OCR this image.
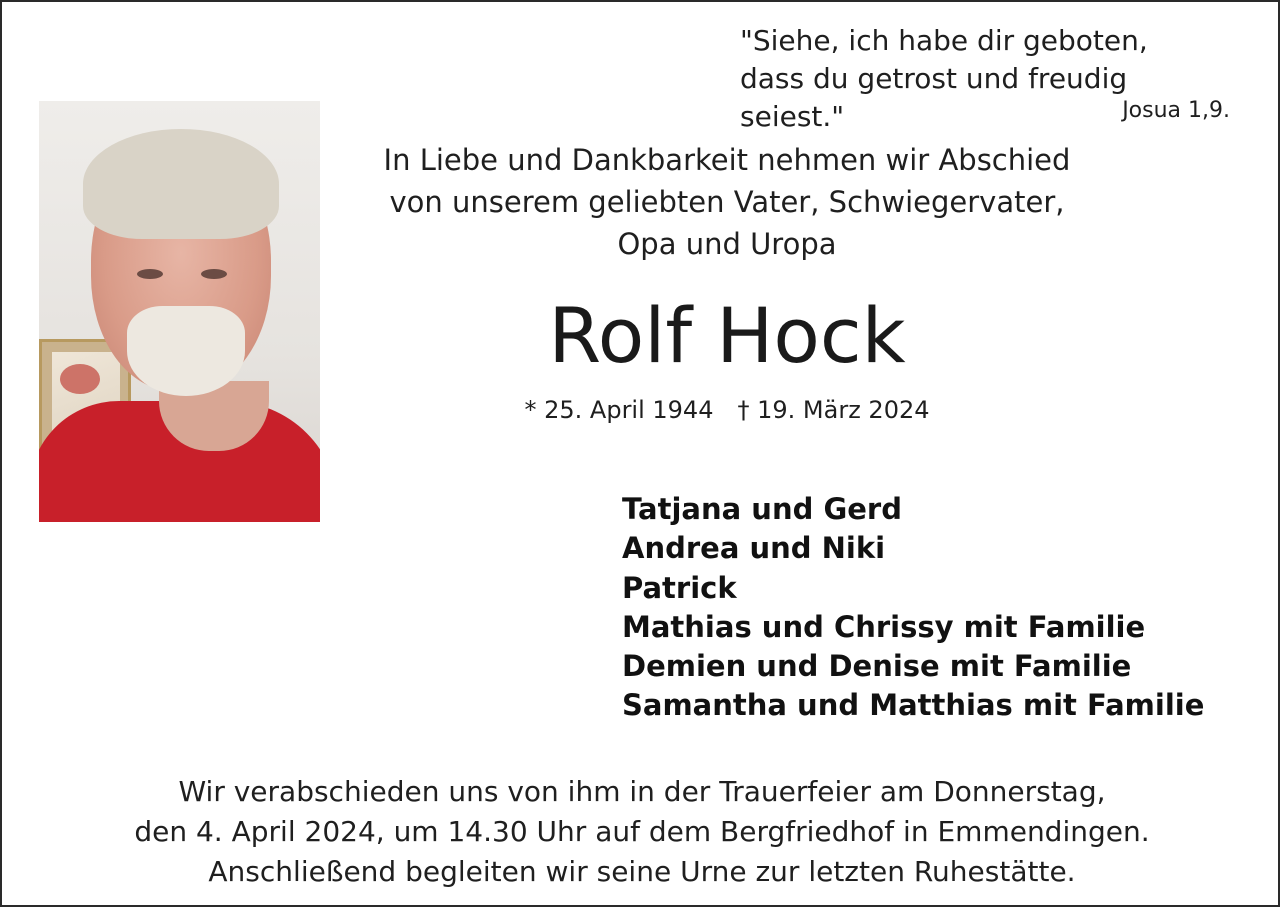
"Siehe, ich habe dir geboten,
dass du getrost und freudig seiest."	Josua 1,9.
In Liebe und Dankbarkeit nehmen wir Abschied
von unserem geliebten Vater, Schwiegervater,
Opa und Uropa
Rolf Hock
* 25. April 1944 † 19. März 2024
Tatjana und Gerd
Andrea und Niki
Patrick
Mathias und Chrissy mit Familie
Demien und Denise mit Familie
Samantha und Matthias mit Familie
Wir verabschieden uns von ihm in der Trauerfeier am Donnerstag,
den 4. April 2024, um 14.30 Uhr auf dem Bergfriedhof in Emmendingen.
Anschließend begleiten wir seine Urne zur letzten Ruhestätte.
